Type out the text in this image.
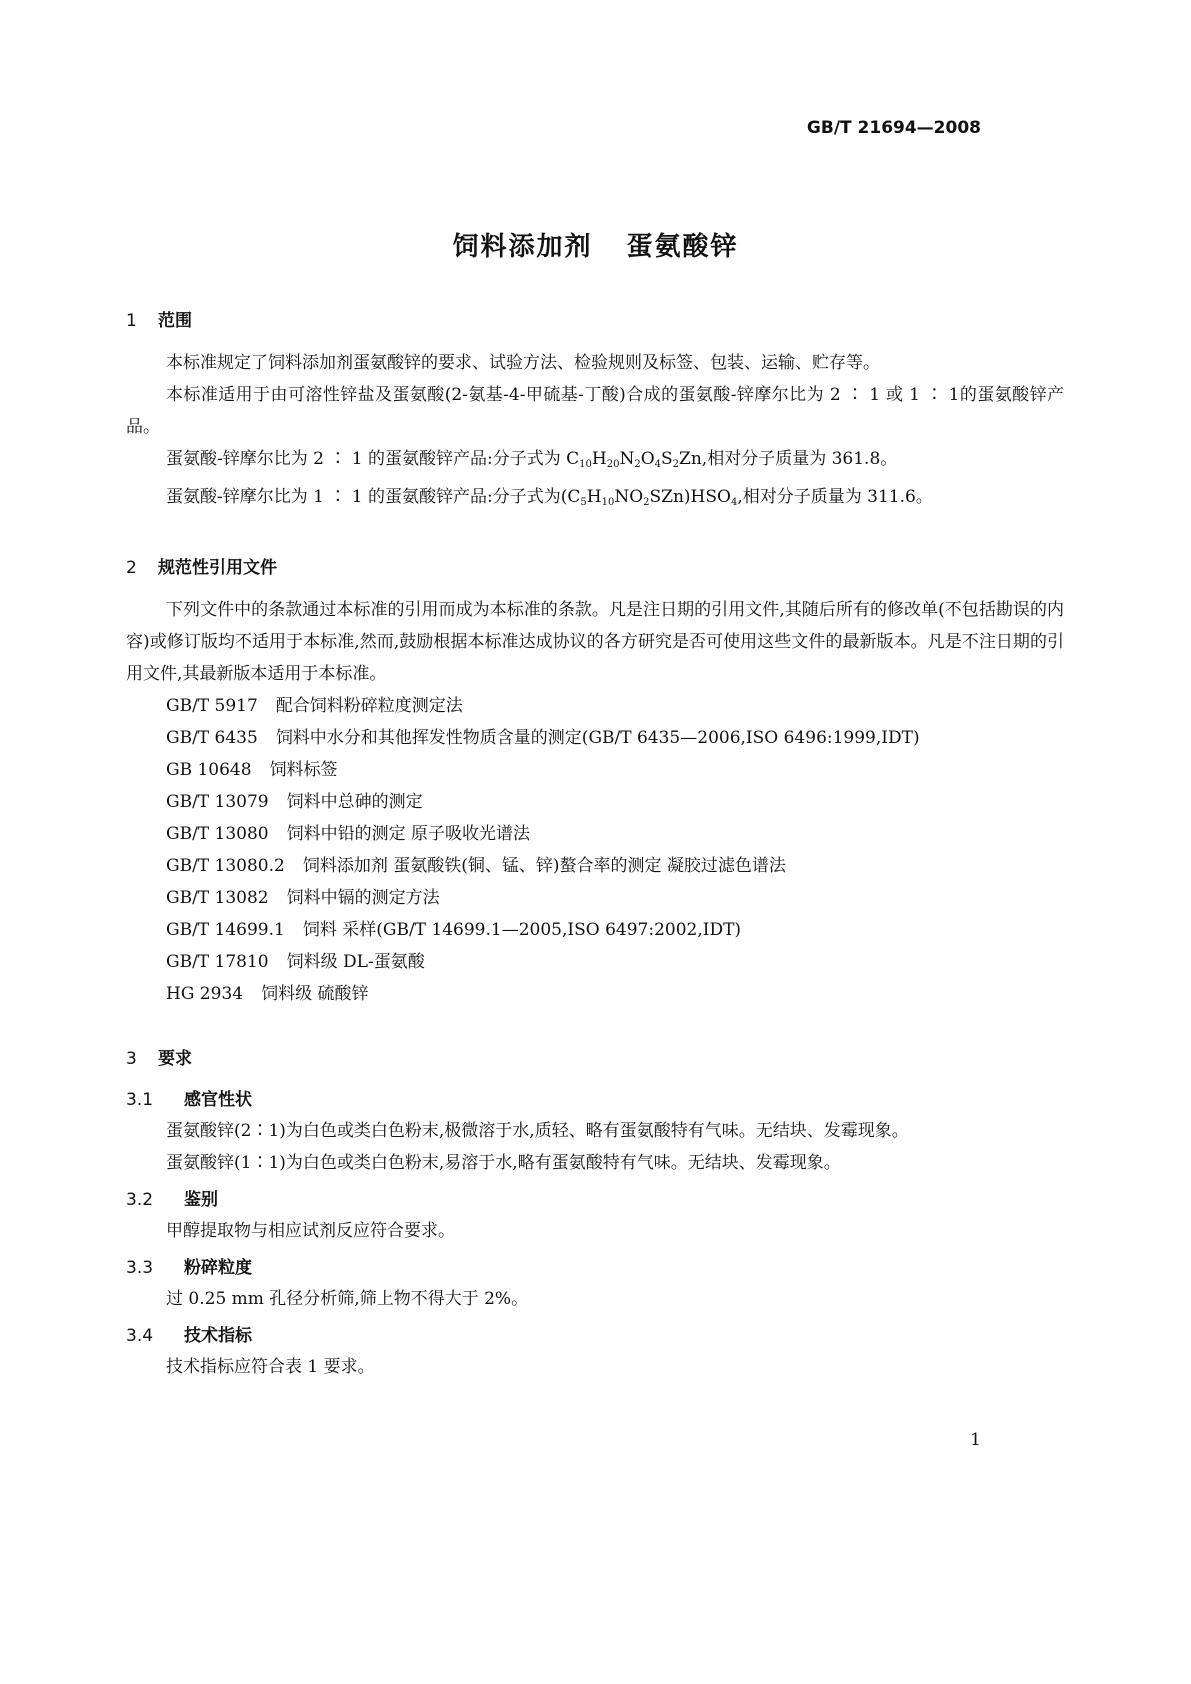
GB/T 21694—2008
饲料添加剂 蛋氨酸锌
1 范围
本标准规定了饲料添加剂蛋氨酸锌的要求、试验方法、检验规则及标签、包装、运输、贮存等。
本标准适用于由可溶性锌盐及蛋氨酸(2-氨基-4-甲硫基-丁酸)合成的蛋氨酸-锌摩尔比为 2 ∶ 1 或 1 ∶ 1的蛋氨酸锌产品。
蛋氨酸-锌摩尔比为 2 ∶ 1 的蛋氨酸锌产品:分子式为 $C_{10}H_{20}N_2O_4S_2Zn$,相对分子质量为 361.8。
蛋氨酸-锌摩尔比为 1 ∶ 1 的蛋氨酸锌产品:分子式为$(C_5H_{10}NO_2SZn)HSO_4$,相对分子质量为 311.6。
2 规范性引用文件
下列文件中的条款通过本标准的引用而成为本标准的条款。凡是注日期的引用文件,其随后所有的修改单(不包括勘误的内容)或修订版均不适用于本标准,然而,鼓励根据本标准达成协议的各方研究是否可使用这些文件的最新版本。凡是不注日期的引用文件,其最新版本适用于本标准。
GB/T 5917 配合饲料粉碎粒度测定法
GB/T 6435 饲料中水分和其他挥发性物质含量的测定(GB/T 6435—2006,ISO 6496:1999,IDT)
GB 10648 饲料标签
GB/T 13079 饲料中总砷的测定
GB/T 13080 饲料中铅的测定 原子吸收光谱法
GB/T 13080.2 饲料添加剂 蛋氨酸铁(铜、锰、锌)螯合率的测定 凝胶过滤色谱法
GB/T 13082 饲料中镉的测定方法
GB/T 14699.1 饲料 采样(GB/T 14699.1—2005,ISO 6497:2002,IDT)
GB/T 17810 饲料级 DL-蛋氨酸
HG 2934 饲料级 硫酸锌
3 要求
3.1 感官性状
蛋氨酸锌(2∶1)为白色或类白色粉末,极微溶于水,质轻、略有蛋氨酸特有气味。无结块、发霉现象。
蛋氨酸锌(1∶1)为白色或类白色粉末,易溶于水,略有蛋氨酸特有气味。无结块、发霉现象。
3.2 鉴别
甲醇提取物与相应试剂反应符合要求。
3.3 粉碎粒度
过 0.25 mm 孔径分析筛,筛上物不得大于 2%。
3.4 技术指标
技术指标应符合表 1 要求。
1
